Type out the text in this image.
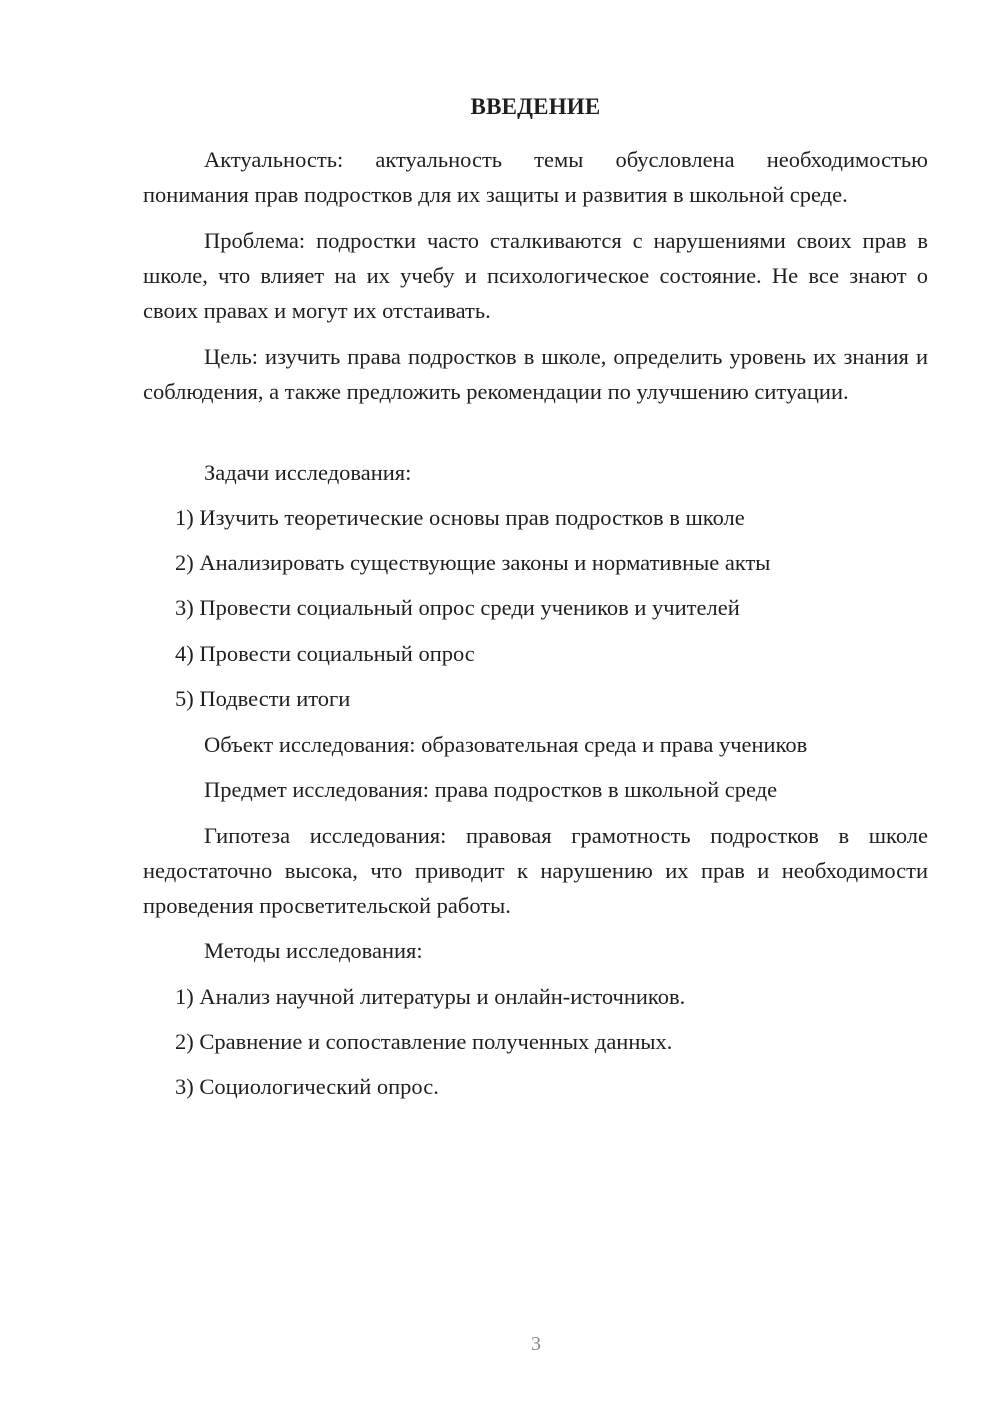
ВВЕДЕНИЕ

Актуальность: актуальность темы обусловлена необходимостью понимания прав подростков для их защиты и развития в школьной среде.

Проблема: подростки часто сталкиваются с нарушениями своих прав в школе, что влияет на их учебу и психологическое состояние. Не все знают о своих правах и могут их отстаивать.

Цель: изучить права подростков в школе, определить уровень их знания и соблюдения, а также предложить рекомендации по улучшению ситуации.

Задачи исследования:
1) Изучить теоретические основы прав подростков в школе
2) Анализировать существующие законы и нормативные акты
3) Провести социальный опрос среди учеников и учителей
4) Провести социальный опрос
5) Подвести итоги
Объект исследования: образовательная среда и права учеников
Предмет исследования: права подростков в школьной среде

Гипотеза исследования: правовая грамотность подростков в школе недостаточно высока, что приводит к нарушению их прав и необходимости проведения просветительской работы.

Методы исследования:
1) Анализ научной литературы и онлайн-источников.
2) Сравнение и сопоставление полученных данных.
3) Социологический опрос.
3
